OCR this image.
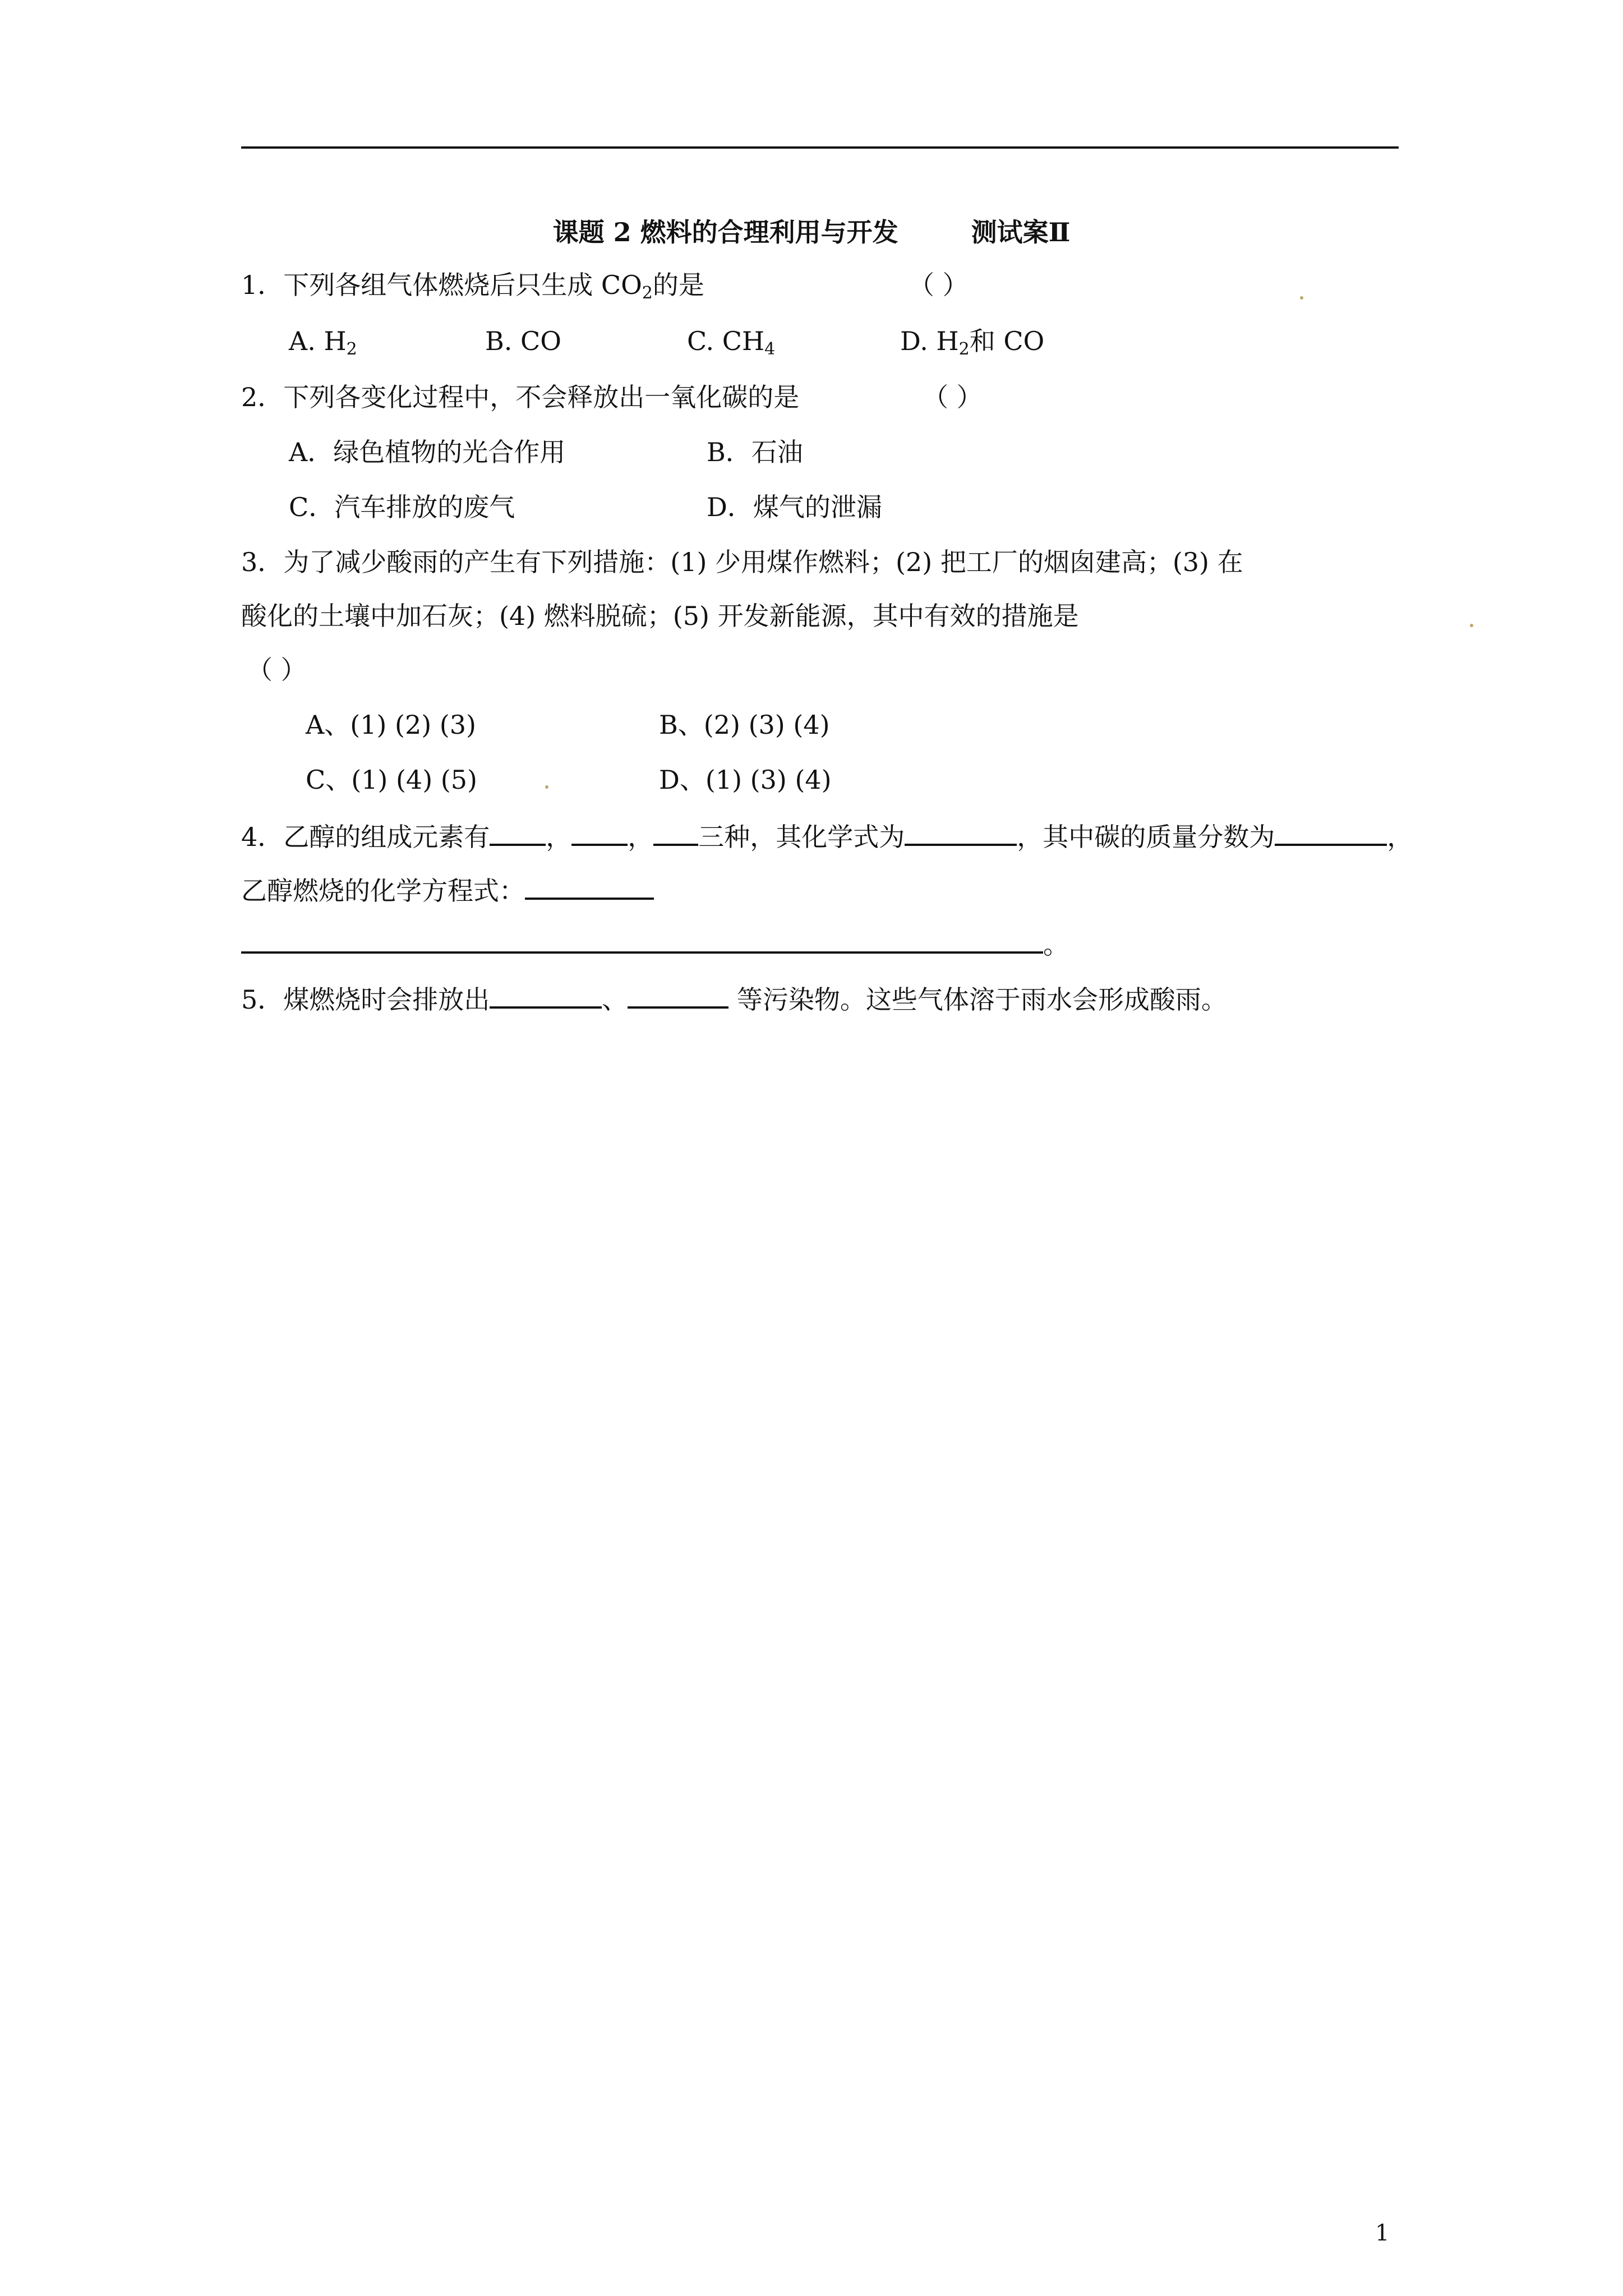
课题 2 燃料的合理利用与开发	测试案Ⅱ
1．下列各组气体燃烧后只生成 $CO_2$的是	（ ）
A. $H_2$	B. CO	C. $CH_4$	D. $H_2$和 CO
2．下列各变化过程中，不会释放出一氧化碳的是	（ ）
A．绿色植物的光合作用	B．石油
C．汽车排放的废气	D．煤气的泄漏
3．为了减少酸雨的产生有下列措施：(1) 少用煤作燃料；(2) 把工厂的烟囱建高；(3) 在
酸化的土壤中加石灰；(4) 燃料脱硫；(5) 开发新能源，其中有效的措施是
（ ）
A、(1) (2) (3)	B、(2) (3) (4)
C、(1) (4) (5)	D、(1) (3) (4)
4．乙醇的组成元素有 ， ， 三种，其化学式为	，其中碳的质量分数为	，
乙醇燃烧的化学方程式：
。
5．煤燃烧时会排放出	、	等污染物。这些气体溶于雨水会形成酸雨。
1
